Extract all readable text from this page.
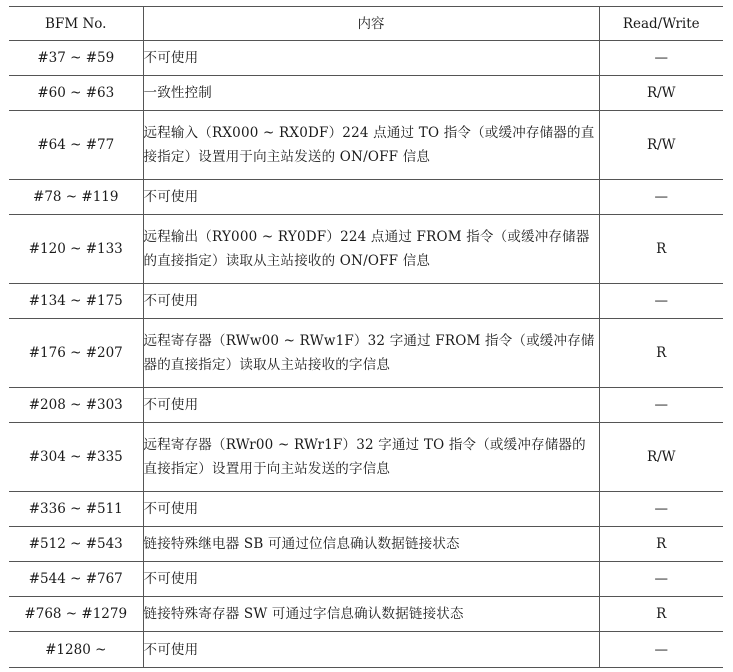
BFM No.	内容	Read/Write
#37 ~ #59	不可使用	—
#60 ~ #63	一致性控制	R/W
#64 ~ #77	远程输入（RX000 ~ RX0DF）224 点通过 TO 指令（或缓冲存储器的直接指定）设置用于向主站发送的 ON/OFF 信息	R/W
#78 ~ #119	不可使用	—
#120 ~ #133	远程输出（RY000 ~ RY0DF）224 点通过 FROM 指令（或缓冲存储器的直接指定）读取从主站接收的 ON/OFF 信息	R
#134 ~ #175	不可使用	—
#176 ~ #207	远程寄存器（RWw00 ~ RWw1F）32 字通过 FROM 指令（或缓冲存储器的直接指定）读取从主站接收的字信息	R
#208 ~ #303	不可使用	—
#304 ~ #335	远程寄存器（RWr00 ~ RWr1F）32 字通过 TO 指令（或缓冲存储器的直接指定）设置用于向主站发送的字信息	R/W
#336 ~ #511	不可使用	—
#512 ~ #543	链接特殊继电器 SB 可通过位信息确认数据链接状态	R
#544 ~ #767	不可使用	—
#768 ~ #1279	链接特殊寄存器 SW 可通过字信息确认数据链接状态	R
#1280 ~	不可使用	—
